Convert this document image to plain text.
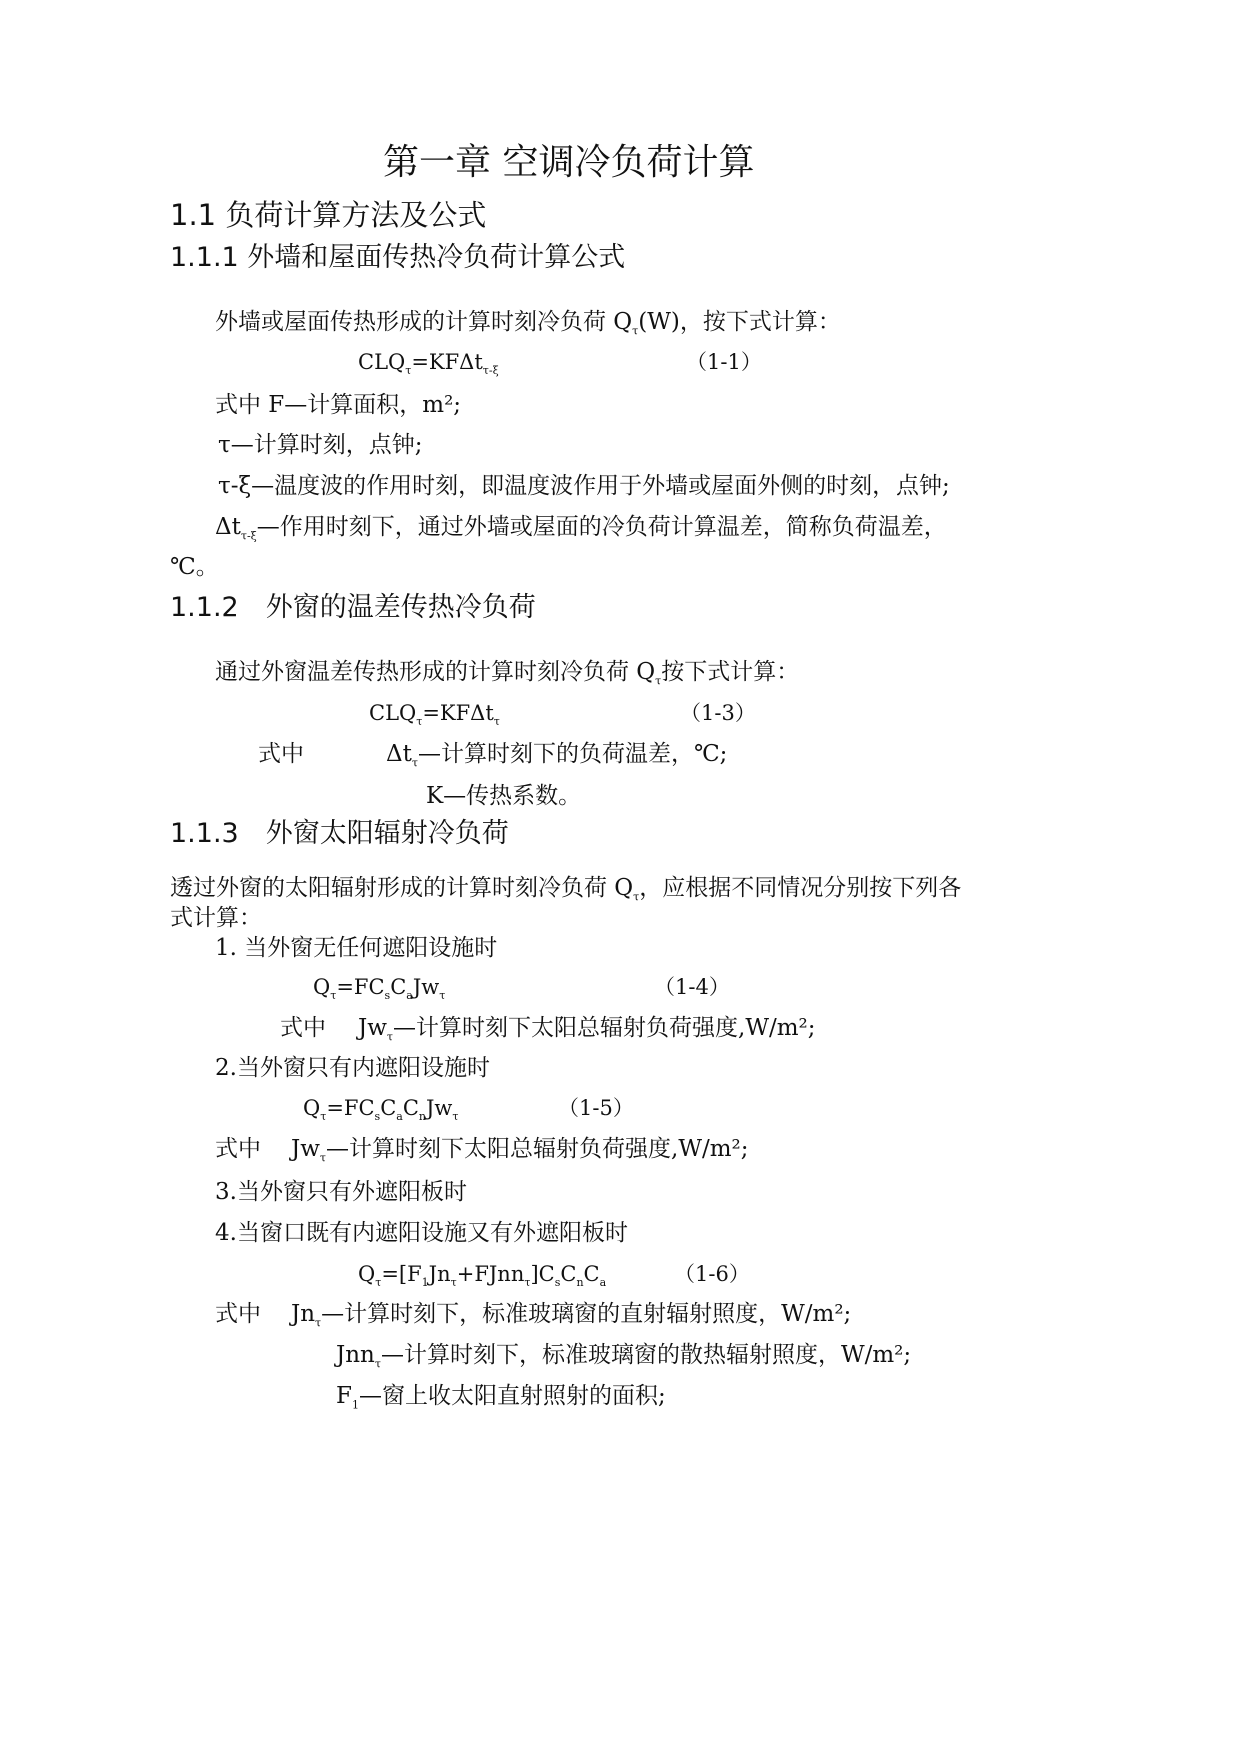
第一章 空调冷负荷计算
1.1 负荷计算方法及公式
1.1.1 外墙和屋面传热冷负荷计算公式
外墙或屋面传热形成的计算时刻冷负荷 $Q_\tau(W)$，按下式计算：
$CLQ_\tau=KF\Delta t_{\tau-\xi}$	（1-1）
式中 F—计算面积，m²;
τ—计算时刻，点钟;
τ-ξ—温度波的作用时刻，即温度波作用于外墙或屋面外侧的时刻， 点钟;
$\Delta t_{\tau-\xi}—$作用时刻下，通过外墙或屋面的冷负荷计算温差，简称负荷温差，
℃。
1.1.2　外窗的温差传热冷负荷
通过外窗温差传热形成的计算时刻冷负荷 $Q_\tau$按下式计算：
$CLQ_\tau=KF\Delta t_\tau$	（1-3）
式中	$\Delta t_\tau—$计算时刻下的负荷温差，℃;
K—传热系数。
1.1.3　外窗太阳辐射冷负荷
透过外窗的太阳辐射形成的计算时刻冷负荷 $Q_\tau$，应根据不同情况分别按下列各
式计算：
1. 当外窗无任何遮阳设施时
$Q_\tau=FC_sC_aJw_\tau$	（1-4）
式中 $Jw_\tau—$计算时刻下太阳总辐射负荷强度,W/m²;
2.当外窗只有内遮阳设施时
$Q_\tau=FC_sC_aC_nJw_\tau$	（1-5）
式中 $Jw_\tau—$计算时刻下太阳总辐射负荷强度,W/m²;
3.当外窗只有外遮阳板时
4.当窗口既有内遮阳设施又有外遮阳板时
$Q_\tau=[F_1Jn_\tau+FJnn_\tau]C_sC_nC_a$	（1-6）
式中 $Jn_\tau—$计算时刻下，标准玻璃窗的直射辐射照度，W/m²;
Jnn$_\tau$—计算时刻下，标准玻璃窗的散热辐射照度，W/m²;
$F_1—$窗上收太阳直射照射的面积;
